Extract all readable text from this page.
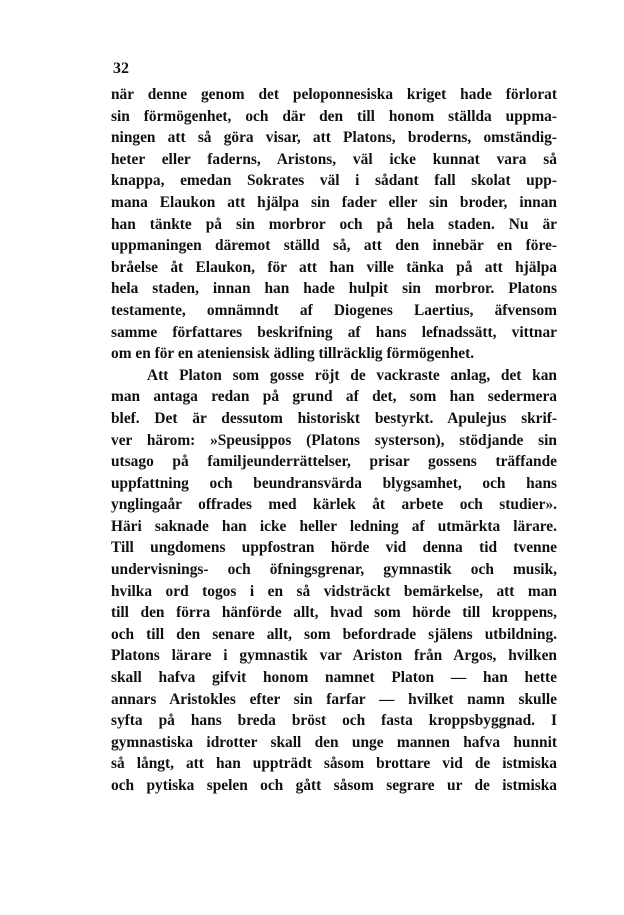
32
när denne genom det peloponnesiska kriget hade förlorat
sin förmögenhet, och där den till honom ställda uppma-
ningen att så göra visar, att Platons, broderns, omständig-
heter eller faderns, Aristons, väl icke kunnat vara så
knappa, emedan Sokrates väl i sådant fall skolat upp-
mana Elaukon att hjälpa sin fader eller sin broder, innan
han tänkte på sin morbror och på hela staden. Nu är
uppmaningen däremot ställd så, att den innebär en före-
bråelse åt Elaukon, för att han ville tänka på att hjälpa
hela staden, innan han hade hulpit sin morbror. Platons
testamente, omnämndt af Diogenes Laertius, äfvensom
samme författares beskrifning af hans lefnadssätt, vittnar
om en för en ateniensisk ädling tillräcklig förmögenhet.
Att Platon som gosse röjt de vackraste anlag, det kan
man antaga redan på grund af det, som han sedermera
blef. Det är dessutom historiskt bestyrkt. Apulejus skrif-
ver härom: »Speusippos (Platons systerson), stödjande sin
utsago på familjeunderrättelser, prisar gossens träffande
uppfattning och beundransvärda blygsamhet, och hans
ynglingaår offrades med kärlek åt arbete och studier».
Häri saknade han icke heller ledning af utmärkta lärare.
Till ungdomens uppfostran hörde vid denna tid tvenne
undervisnings- och öfningsgrenar, gymnastik och musik,
hvilka ord togos i en så vidsträckt bemärkelse, att man
till den förra hänförde allt, hvad som hörde till kroppens,
och till den senare allt, som befordrade själens utbildning.
Platons lärare i gymnastik var Ariston från Argos, hvilken
skall hafva gifvit honom namnet Platon — han hette
annars Aristokles efter sin farfar — hvilket namn skulle
syfta på hans breda bröst och fasta kroppsbyggnad. I
gymnastiska idrotter skall den unge mannen hafva hunnit
så långt, att han uppträdt såsom brottare vid de istmiska
och pytiska spelen och gått såsom segrare ur de istmiska
